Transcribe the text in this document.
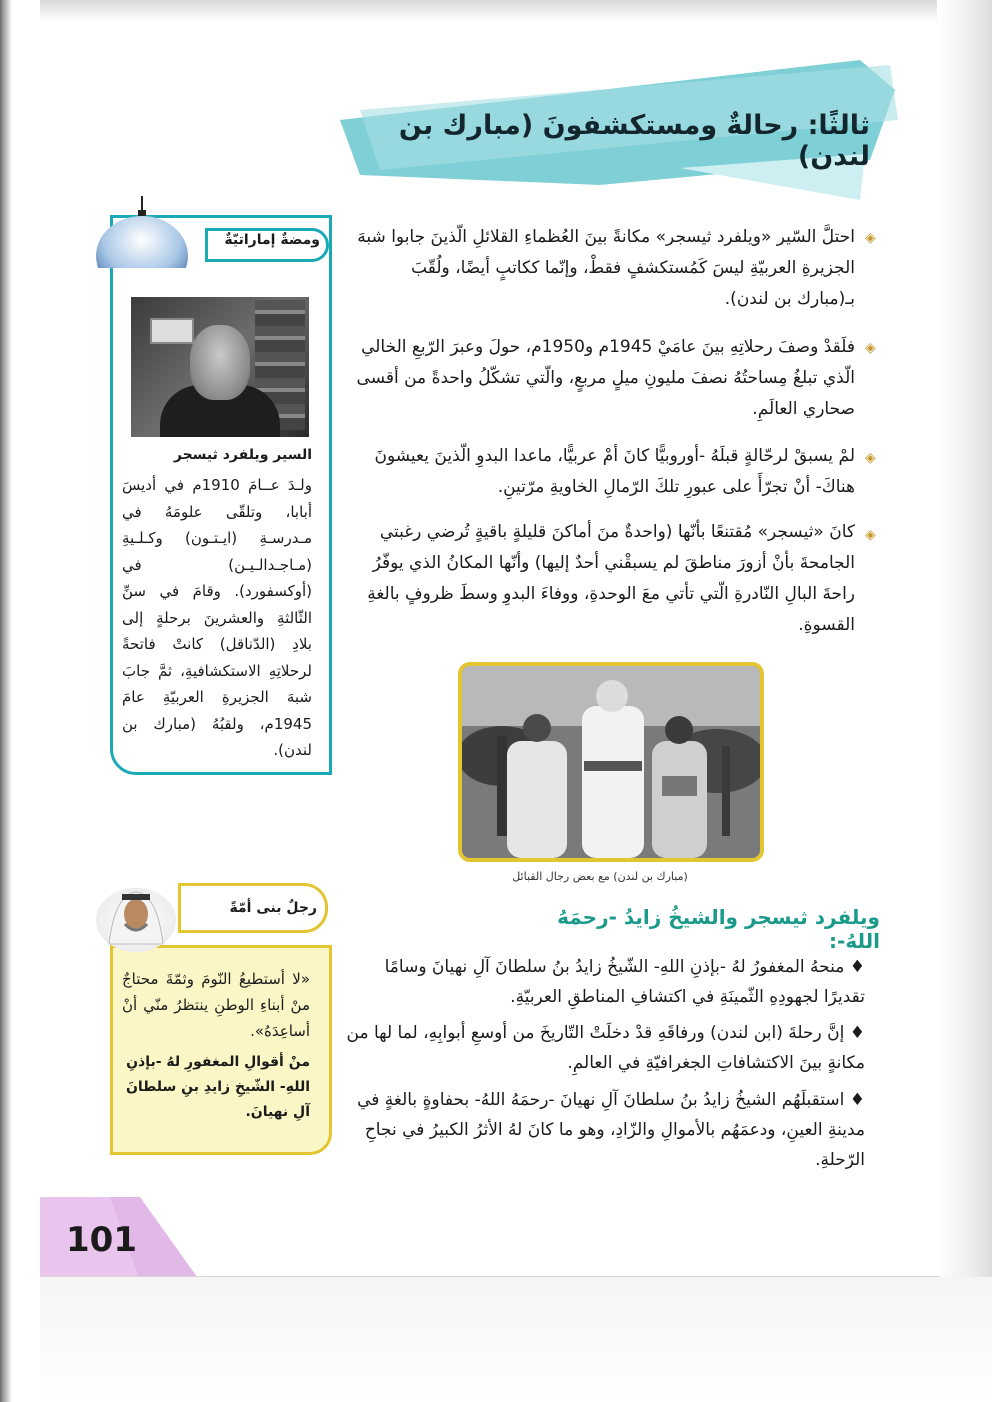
ثالثًا: رحالةٌ ومستكشفونَ (مبارك بن لندن)
◈
احتلَّ السّير «ويلفرد ثيسجر» مكانةً بينَ العُظماءِ القلائلِ الّذينَ جابوا شبهَ الجزيرةِ العربيّةِ ليسَ كَمُستكشفٍ فقطْ، وإنّما ككاتبٍ أيضًا، ولُقّبَ بـ(مبارك بن لندن).
◈
فلَقدْ وصفَ رحلاتِهِ بينَ عامَيْ 1945م و1950م، حولَ وعبرَ الرّبعِ الخالي الّذي تبلغُ مِساحتُهُ نصفَ مليونِ ميلٍ مربعٍ، والّتي تشكّلُ واحدةً من أقسى صحاري العالَمِ.
◈
لمْ يسبقْ لرحّالةٍ قبلَهُ -أوروبيًّا كانَ أمْ عربيًّا، ماعدا البدوِ الّذينَ يعيشونَ هناكَ- أنْ تجرّأَ على عبورِ تلكَ الرّمالِ الخاويةِ مرّتينِ.
◈
كانَ «ثيسجر» مُقتنعًا بأنّها (واحدةٌ منَ أماكنَ قليلةٍ باقيةٍ تُرضي رغبتي الجامحةَ بأنْ أزورَ مناطقَ لم يسبقْني أحدٌ إليها) وأنّها المكانُ الذي يوفّرُ راحةَ البالِ النّادرةِ الّتي تأتي معَ الوحدةِ، ووفاءَ البدوِ وسطَ ظروفٍ بالغةِ القسوةِ.
ومضةٌ إماراتيّةٌ
السير ويلفرد ثيسجر
ولـدَ عــامَ 1910م في أديسَ أبابا، وتلقّى علومَهُ في مـدرسـةِ (ايـتـون) وكـلـيةِ (مـاجـدالـيـن) في (أوكسفورد). وقامَ في سنِّ الثّالثةِ والعشرينَ برحلةٍ إلى بلادِ (الدّناقل) كانتْ فاتحةً لرحلاتِهِ الاستكشافيةِ، ثمَّ جابَ شبهَ الجزيرةِ العربيّةِ عامَ 1945م، ولقبُهُ (مبارك بن لندن).
(مبارك بن لندن) مع بعض رجال القبائل
ويلفرد ثيسجر والشيخُ زايدُ -رحمَهُ اللهُ-:
♦ منحهُ المغفورُ لهُ -بإذنِ اللهِ- الشّيخُ زايدُ بنُ سلطانَ آلِ نهيانَ وسامًا تقديرًا لجهودِهِ الثّمينَةِ في اكتشافِ المناطقِ العربيّةِ.
♦ إنَّ رحلةَ (ابن لندن) ورفاقَهِ قدْ دخلَتْ التّاريخَ من أوسعِ أبوابِهِ، لما لها من مكانةٍ بينَ الاكتشافاتِ الجغرافيّةِ في العالمِ.
♦ استقبلَهُم الشيخُ زايدُ بنُ سلطانَ آلِ نهيانَ -رحمَهُ اللهُ- بحفاوةٍ بالغةٍ في مدينةِ العينِ، ودعمَهُم بالأموالِ والزّادِ، وهو ما كانَ لهُ الأثرُ الكبيرُ في نجاحِ الرّحلةِ.
رجلٌ بنى أمّةً
«لا أستطيعُ النّومَ وثمّةَ محتاجٌ منْ أبناءِ الوطنِ ينتظرُ منّي أنْ أساعِدَهُ».
منْ أقوالِ المغفورِ لهُ -بإذنِ اللهِ- الشّيخِ زايدِ بنِ سلطانَ آلِ نهيانَ.
101
